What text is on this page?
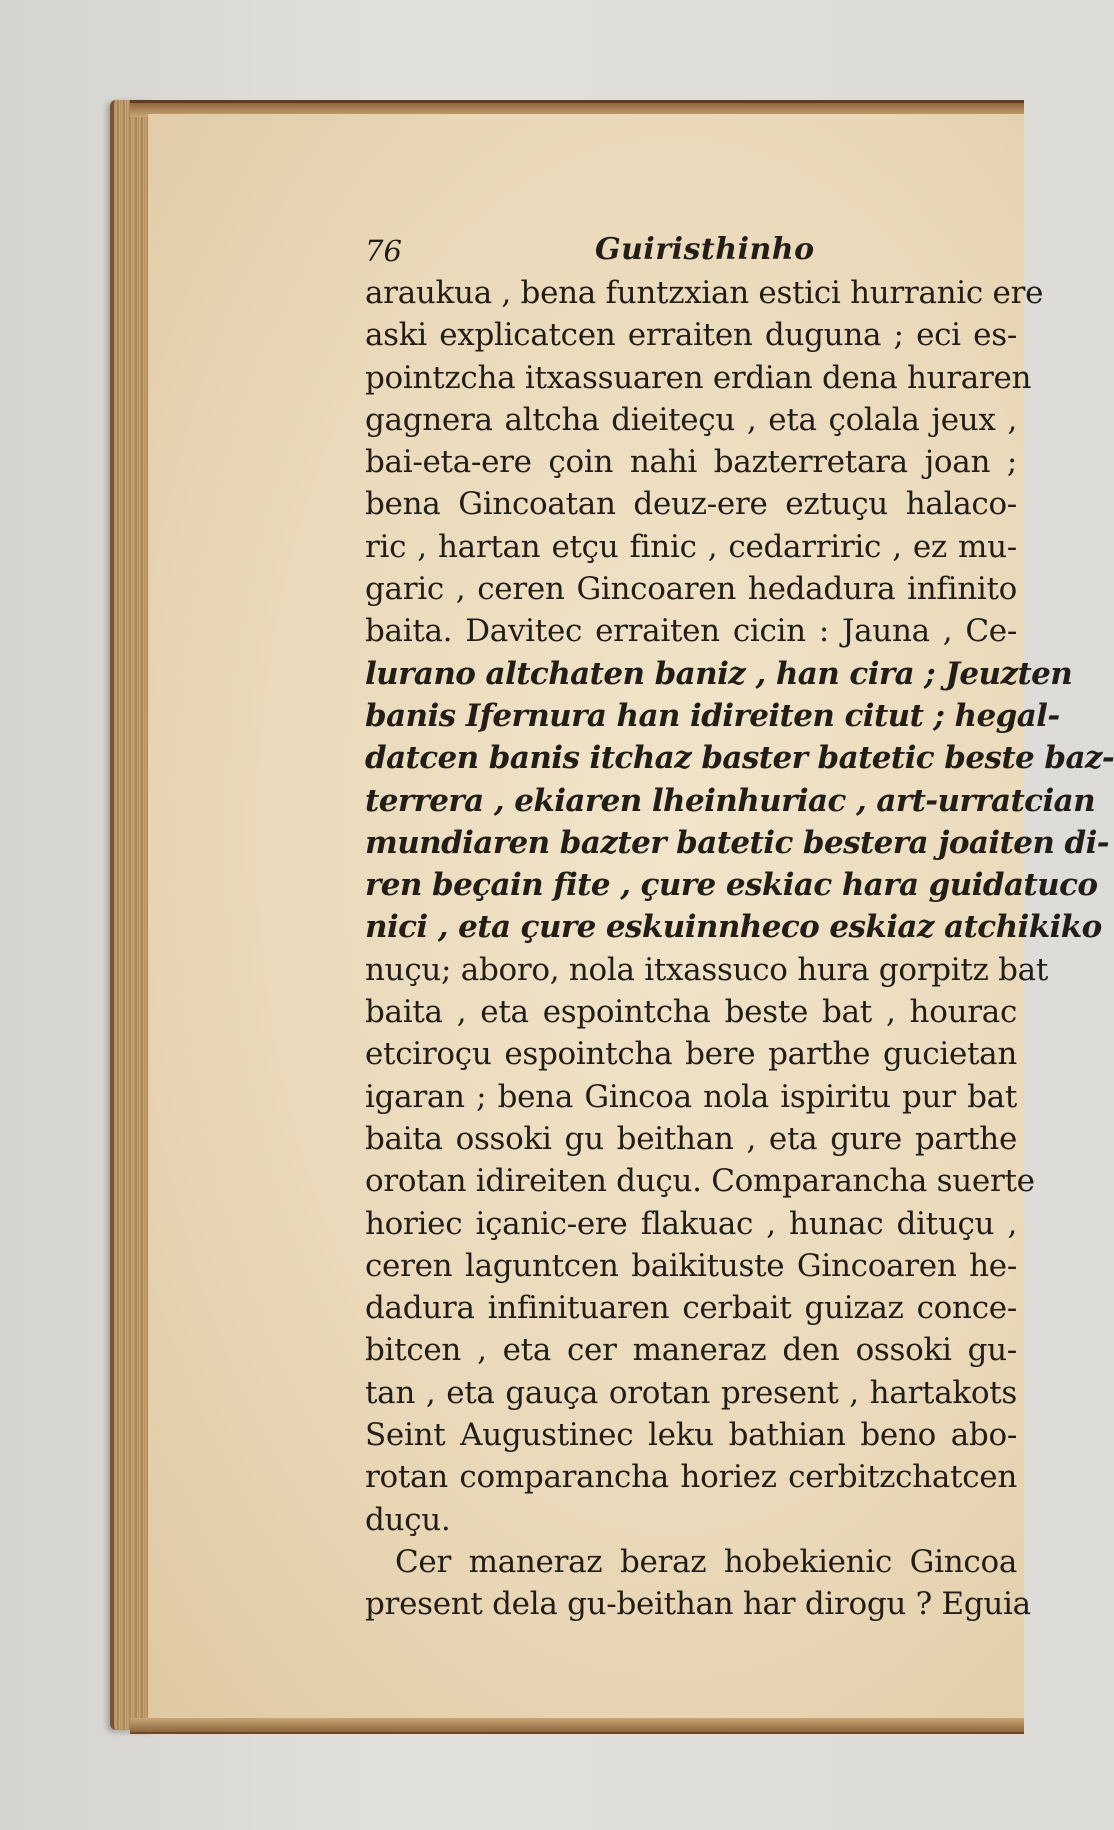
76	Guiristhinho
araukua , bena funtzxian estici hurranic ere
aski explicatcen erraiten duguna ; eci es-
pointzcha itxassuaren erdian dena huraren
gagnera altcha dieiteçu , eta çolala jeux ,
bai-eta-ere çoin nahi bazterretara joan ;
bena Gincoatan deuz-ere eztuçu halaco-
ric , hartan etçu finic , cedarriric , ez mu-
garic , ceren Gincoaren hedadura infinito
baita. Davitec erraiten cicin : Jauna , Ce-
lurano altchaten baniz , han cira ; Jeuzten
banis Ifernura han idireiten citut ; hegal-
datcen banis itchaz baster batetic beste baz-
terrera , ekiaren lheinhuriac , art-urratcian
mundiaren bazter batetic bestera joaiten di-
ren beçain fite , çure eskiac hara guidatuco
nici , eta çure eskuinnheco eskiaz atchikiko
nuçu; aboro, nola itxassuco hura gorpitz bat
baita , eta espointcha beste bat , hourac
etciroçu espointcha bere parthe gucietan
igaran ; bena Gincoa nola ispiritu pur bat
baita ossoki gu beithan , eta gure parthe
orotan idireiten duçu. Comparancha suerte
horiec içanic-ere flakuac , hunac dituçu ,
ceren laguntcen baikituste Gincoaren he-
dadura infinituaren cerbait guizaz conce-
bitcen , eta cer maneraz den ossoki gu-
tan , eta gauça orotan present , hartakots
Seint Augustinec leku bathian beno abo-
rotan comparancha horiez cerbitzchatcen
duçu.
Cer maneraz beraz hobekienic Gincoa
present dela gu-beithan har dirogu ? Eguia
